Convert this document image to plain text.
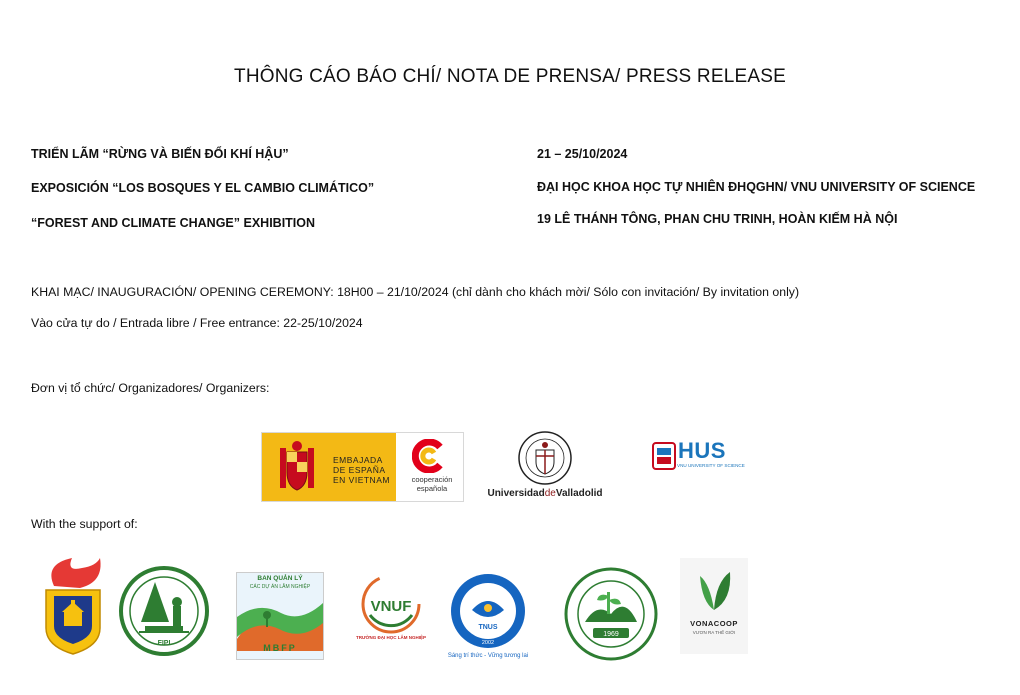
THÔNG CÁO BÁO CHÍ/ NOTA DE PRENSA/ PRESS RELEASE
TRIỂN LÃM “RỪNG VÀ BIẾN ĐỔI KHÍ HẬU”
EXPOSICIÓN “LOS BOSQUES Y EL CAMBIO CLIMÁTICO”
“FOREST AND CLIMATE CHANGE” EXHIBITION
21 – 25/10/2024
ĐẠI HỌC KHOA HỌC TỰ NHIÊN ĐHQGHN/ VNU UNIVERSITY OF SCIENCE
19 LÊ THÁNH TÔNG, PHAN CHU TRINH, HOÀN KIẾM HÀ NỘI
KHAI MẠC/ INAUGURACIÓN/ OPENING CEREMONY: 18H00 – 21/10/2024 (chỉ dành cho khách mời/ Sólo con invitación/ By invitation only)
Vào cửa tự do / Entrada libre / Free entrance: 22-25/10/2024
Đơn vị tổ chức/ Organizadores/ Organizers:
EMBAJADA
DE ESPAÑA
EN VIETNAM	cooperación
española	UniversidaddeValladolid
HUS
VNU UNIVERSITY OF SCIENCE
With the support of:
FIPI
BAN QUẢN LÝ
CÁC DỰ ÁN LÂM NGHIỆP
MBFP
VNUF
TRƯỜNG ĐẠI HỌC LÂM NGHIỆP
TNUS
2002
Sáng trí thức - Vững tương lai
1969
VONACOOP
VƯƠN RA THẾ GIỚI
